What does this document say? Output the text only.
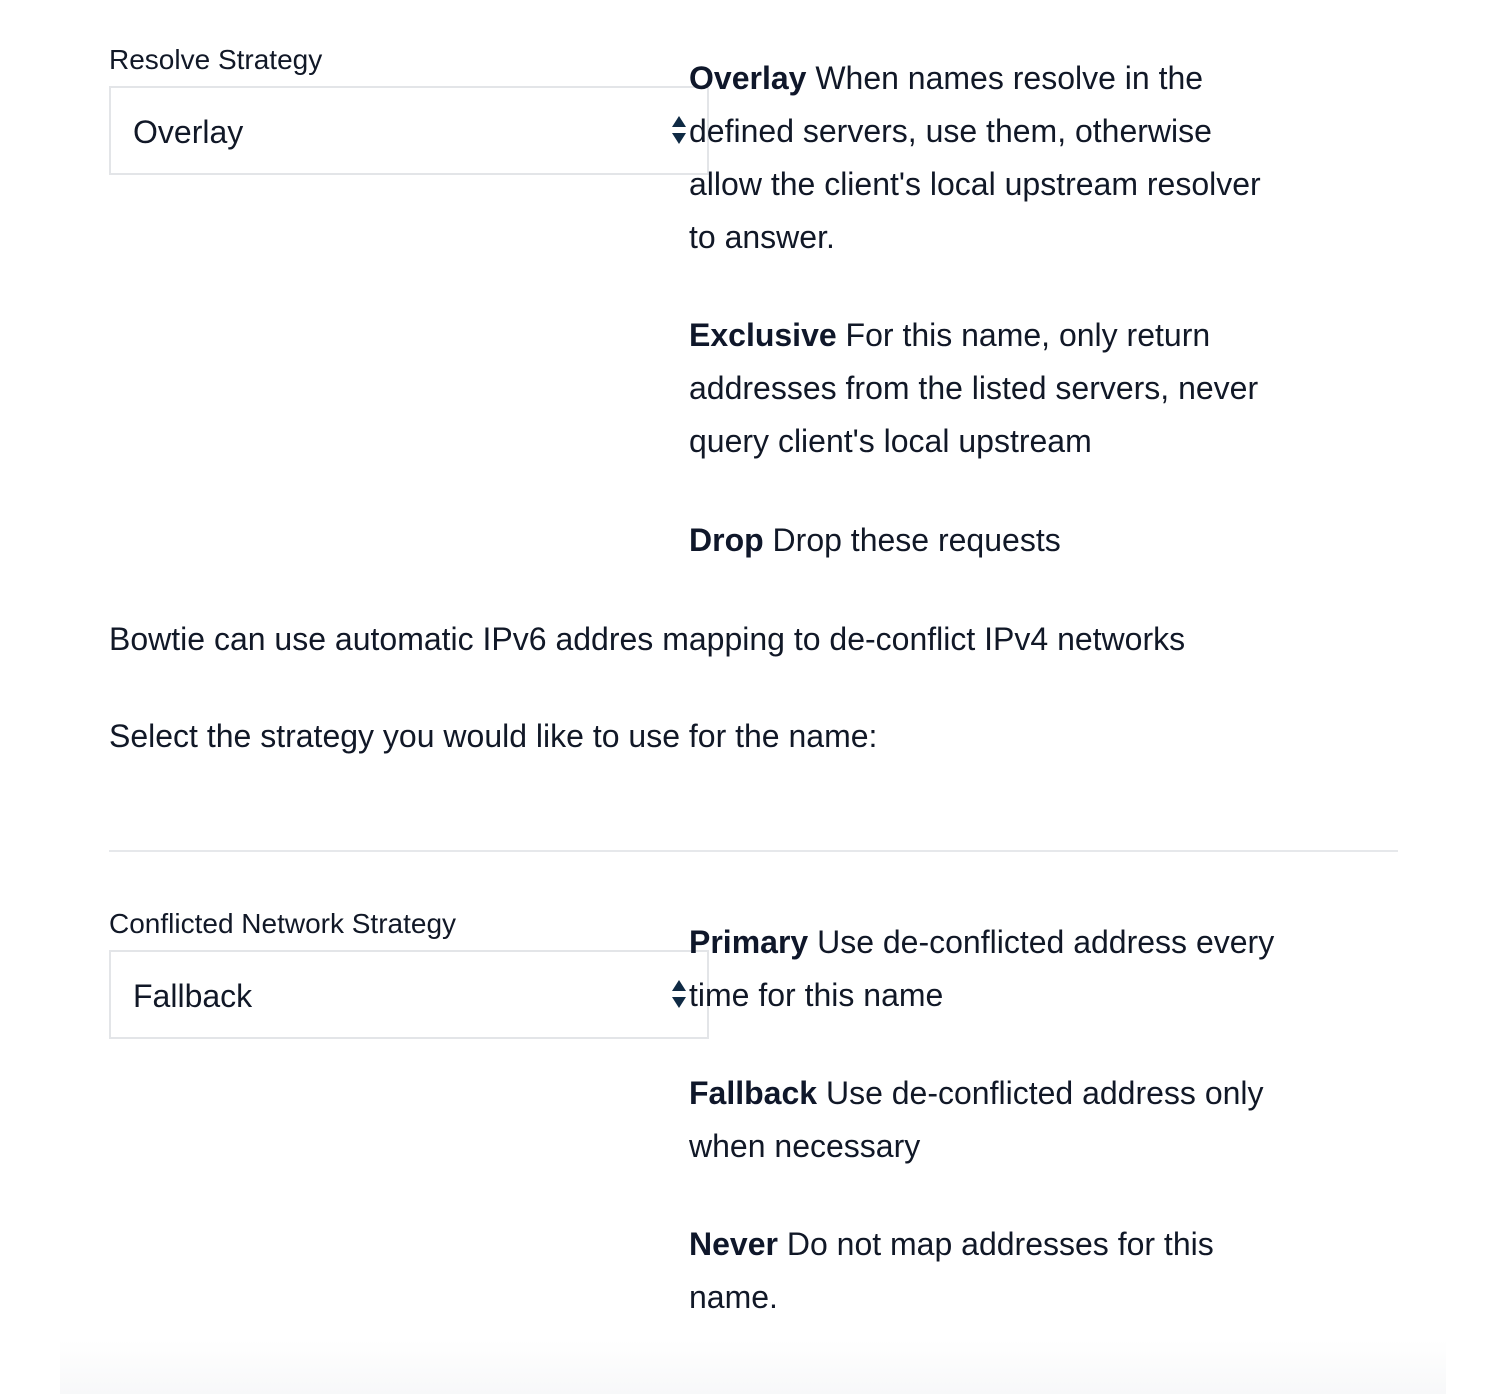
Resolve Strategy

Overlay

Overlay When names resolve in the defined servers, use them, otherwise allow the client's local upstream resolver to answer.

Exclusive For this name, only return addresses from the listed servers, never query client's local upstream

Drop Drop these requests

Bowtie can use automatic IPv6 addres mapping to de-conflict IPv4 networks

Select the strategy you would like to use for the name:

Conflicted Network Strategy

Fallback

Primary Use de-conflicted address every time for this name

Fallback Use de-conflicted address only when necessary

Never Do not map addresses for this name.
